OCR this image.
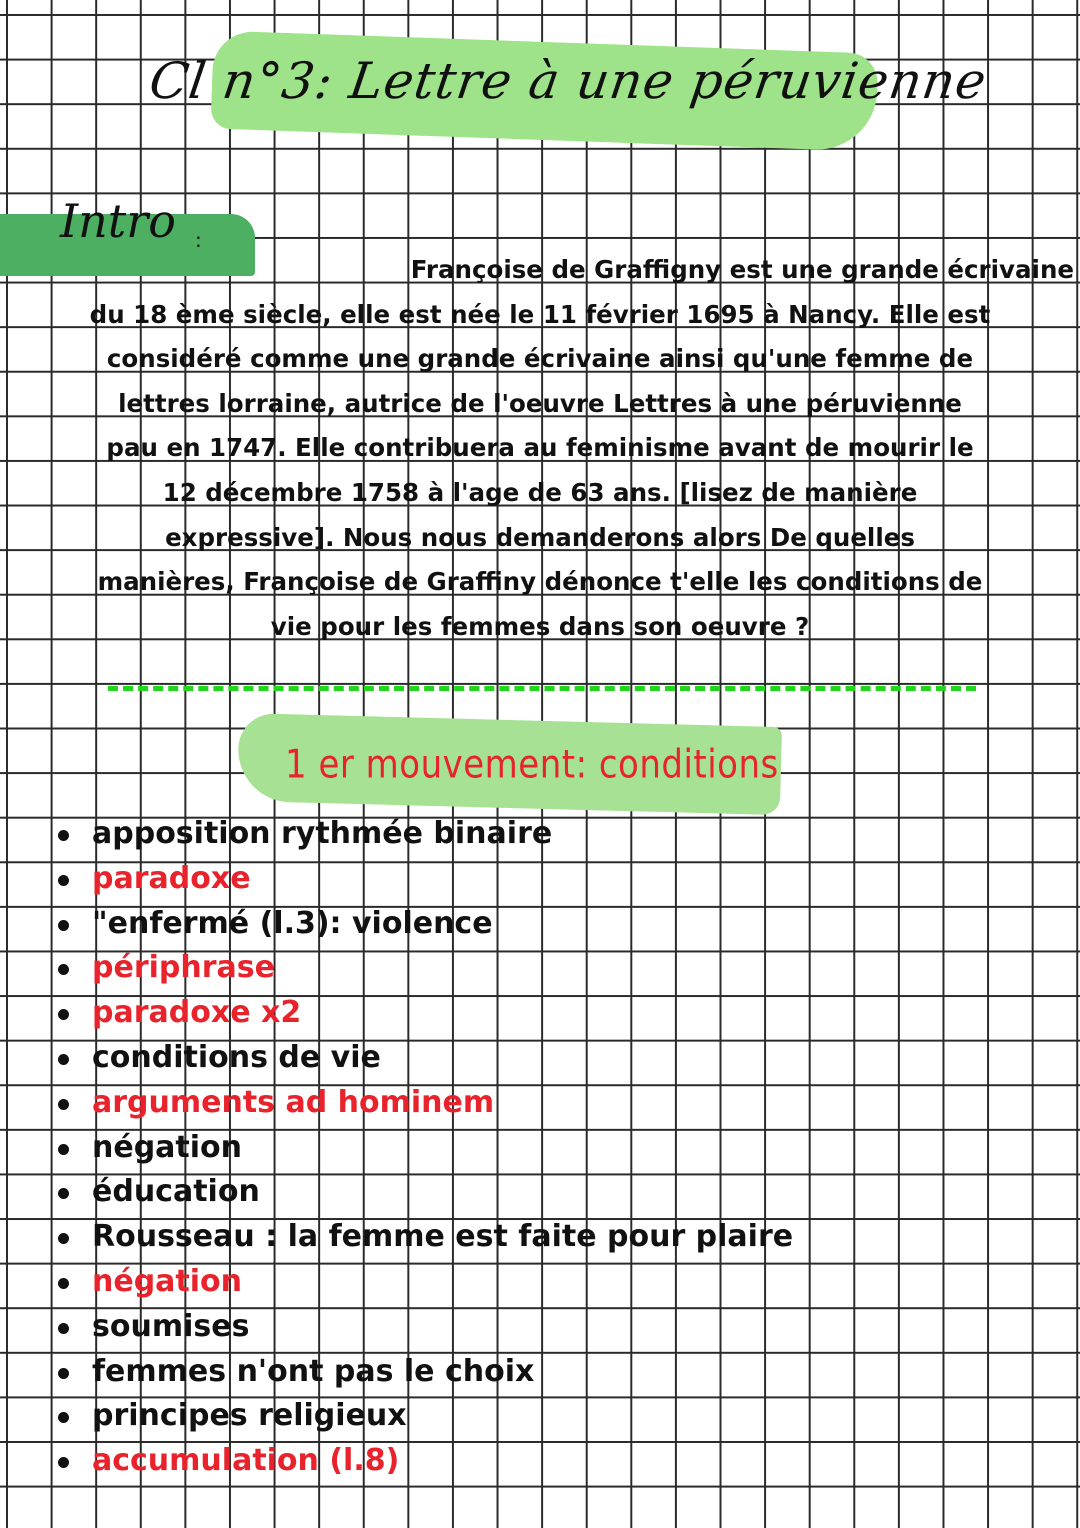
Cl n°3: Lettre à une péruvienne
Intro :

Françoise de Graffigny est une grande écrivaine
du 18 ème siècle, elle est née le 11 février 1695 à Nancy. Elle est
considéré comme une grande écrivaine ainsi qu'une femme de
lettres lorraine, autrice de l'oeuvre Lettres à une péruvienne
pau en 1747. Elle contribuera au feminisme avant de mourir le
12 décembre 1758 à l'age de 63 ans. [lisez de manière
expressive]. Nous nous demanderons alors De quelles
manières, Françoise de Graffiny dénonce t'elle les conditions de
vie pour les femmes dans son oeuvre ?

1 er mouvement: conditions
apposition rythmée binaire
paradoxe
"enfermé (l.3): violence
périphrase
paradoxe x2
conditions de vie
arguments ad hominem
négation
éducation
Rousseau : la femme est faite pour plaire
négation
soumises
femmes n'ont pas le choix
principes religieux
accumulation (l.8)
